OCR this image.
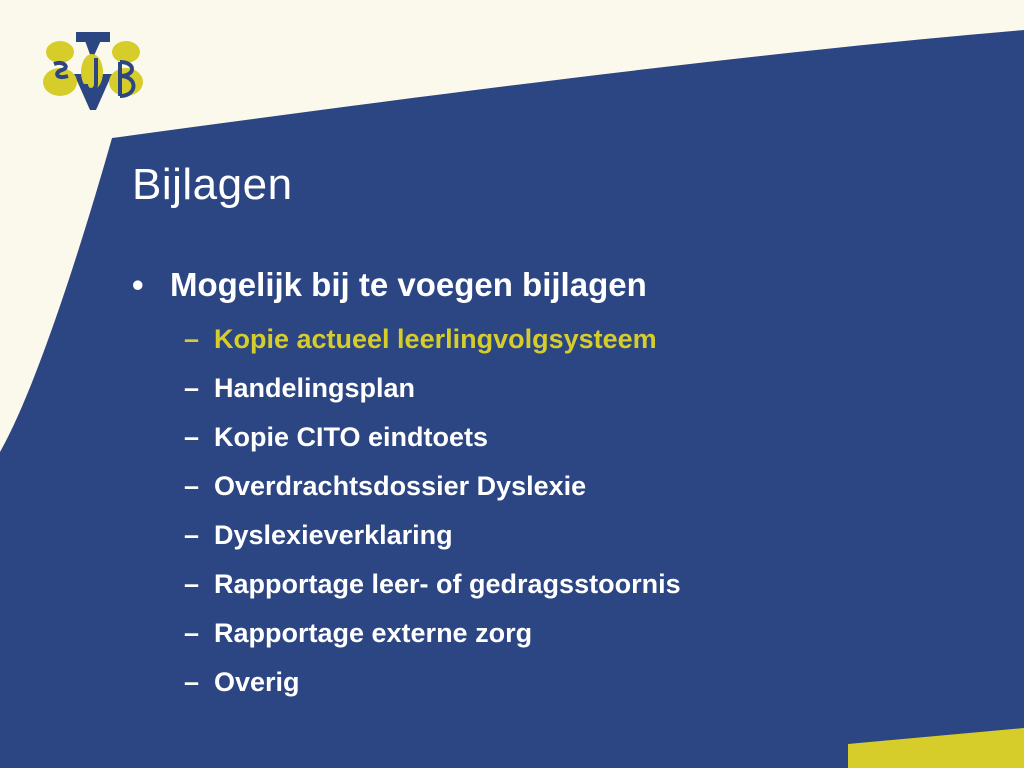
Bijlagen
• Mogelijk bij te voegen bijlagen
– Kopie actueel leerlingvolgsysteem
– Handelingsplan
– Kopie CITO eindtoets
– Overdrachtsdossier Dyslexie
– Dyslexieverklaring
– Rapportage leer- of gedragsstoornis
– Rapportage externe zorg
– Overig
